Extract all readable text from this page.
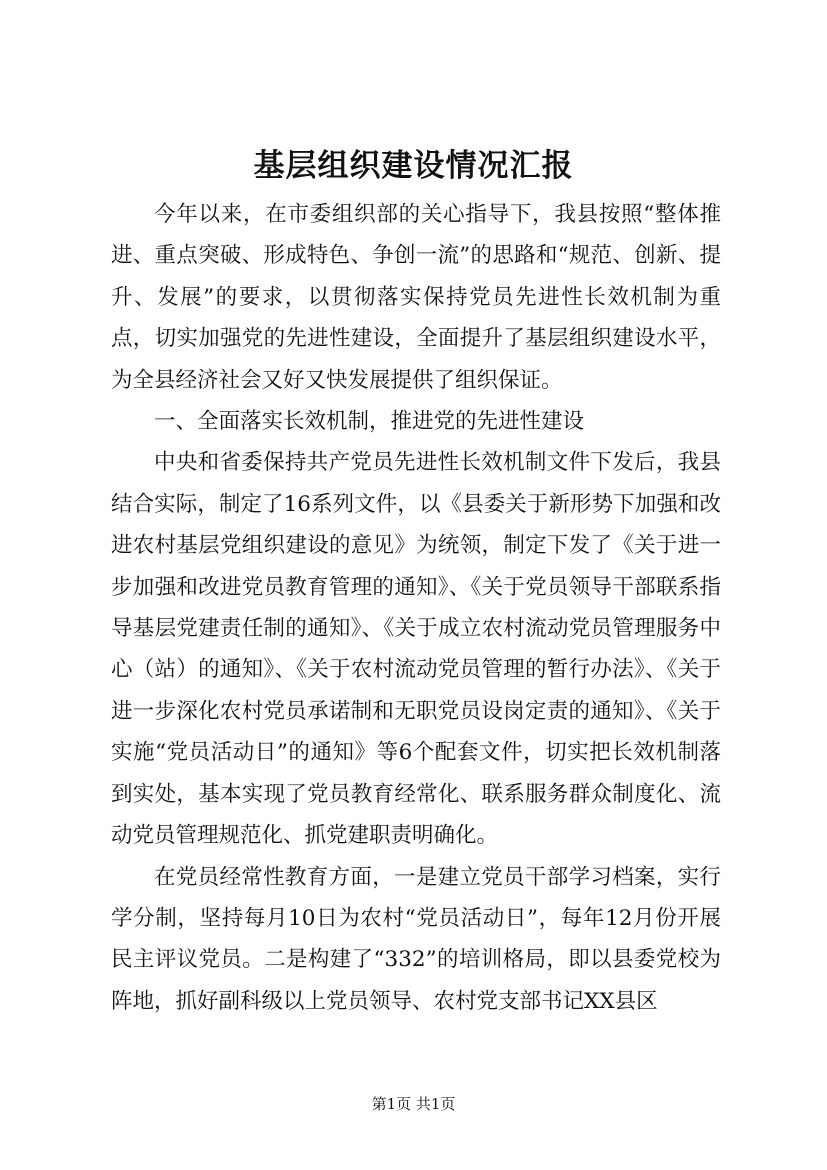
基层组织建设情况汇报

今年以来，在市委组织部的关心指导下，我县按照“整体推进、重点突破、形成特色、争创一流”的思路和“规范、创新、提升、发展”的要求，以贯彻落实保持党员先进性长效机制为重点，切实加强党的先进性建设，全面提升了基层组织建设水平，为全县经济社会又好又快发展提供了组织保证。

一、全面落实长效机制，推进党的先进性建设

中央和省委保持共产党员先进性长效机制文件下发后，我县结合实际，制定了16系列文件，以《县委关于新形势下加强和改进农村基层党组织建设的意见》为统领，制定下发了《关于进一步加强和改进党员教育管理的通知》、《关于党员领导干部联系指导基层党建责任制的通知》、《关于成立农村流动党员管理服务中心（站）的通知》、《关于农村流动党员管理的暂行办法》、《关于进一步深化农村党员承诺制和无职党员设岗定责的通知》、《关于实施“党员活动日”的通知》等6个配套文件，切实把长效机制落到实处，基本实现了党员教育经常化、联系服务群众制度化、流动党员管理规范化、抓党建职责明确化。

在党员经常性教育方面，一是建立党员干部学习档案，实行学分制，坚持每月10日为农村“党员活动日”，每年12月份开展民主评议党员。二是构建了“332”的培训格局，即以县委党校为阵地，抓好副科级以上党员领导、农村党支部书记XX县区

第1页 共1页
